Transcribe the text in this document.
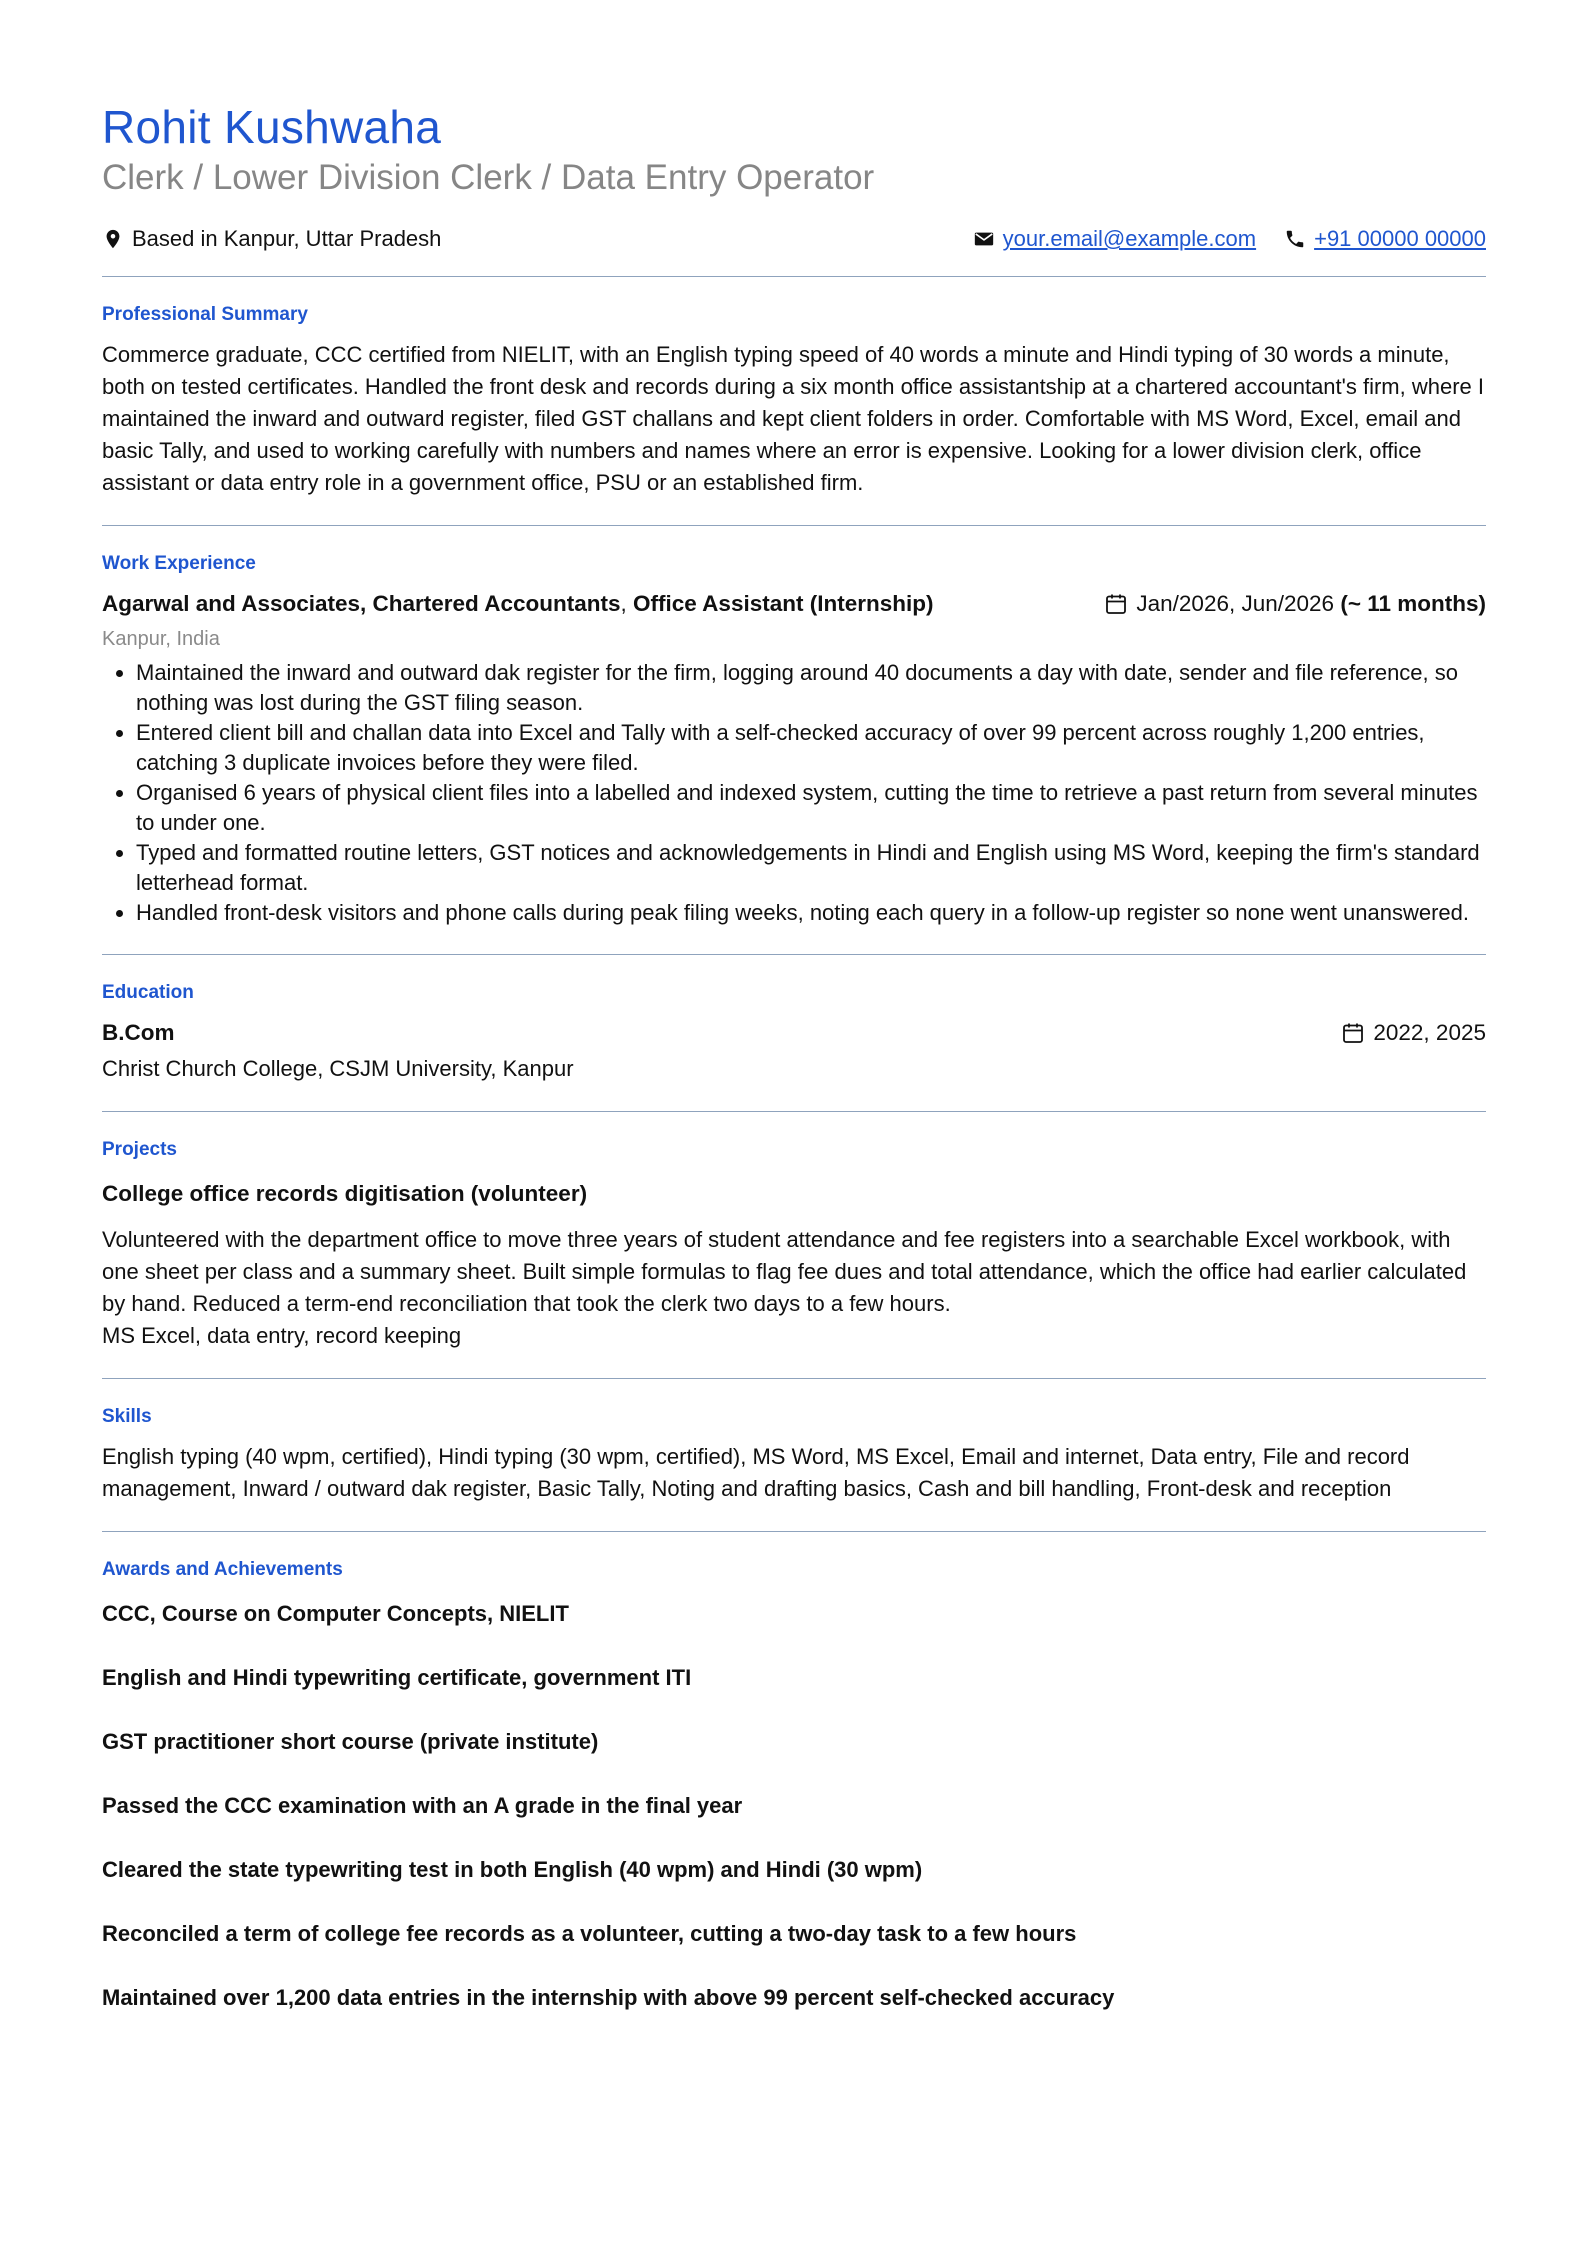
Rohit Kushwaha
Clerk / Lower Division Clerk / Data Entry Operator
Based in Kanpur, Uttar Pradesh	your.email@example.com	+91 00000 00000
Professional Summary
Commerce graduate, CCC certified from NIELIT, with an English typing speed of 40 words a minute and Hindi typing of 30 words a minute, both on tested certificates. Handled the front desk and records during a six month office assistantship at a chartered accountant's firm, where I maintained the inward and outward register, filed GST challans and kept client folders in order. Comfortable with MS Word, Excel, email and basic Tally, and used to working carefully with numbers and names where an error is expensive. Looking for a lower division clerk, office assistant or data entry role in a government office, PSU or an established firm.
Work Experience
Agarwal and Associates, Chartered Accountants, Office Assistant (Internship)	Jan/2026, Jun/2026
(~ 11 months)
Kanpur, India
• Maintained the inward and outward dak register for the firm, logging around 40 documents a day with date, sender and file reference, so nothing was lost during the GST filing season.
• Entered client bill and challan data into Excel and Tally with a self-checked accuracy of over 99 percent across roughly 1,200 entries, catching 3 duplicate invoices before they were filed.
• Organised 6 years of physical client files into a labelled and indexed system, cutting the time to retrieve a past return from several minutes to under one.
• Typed and formatted routine letters, GST notices and acknowledgements in Hindi and English using MS Word, keeping the firm's standard letterhead format.
• Handled front-desk visitors and phone calls during peak filing weeks, noting each query in a follow-up register so none went unanswered.
Education
B.Com	2022, 2025
Christ Church College, CSJM University, Kanpur
Projects
College office records digitisation (volunteer)
Volunteered with the department office to move three years of student attendance and fee registers into a searchable Excel workbook, with one sheet per class and a summary sheet. Built simple formulas to flag fee dues and total attendance, which the office had earlier calculated by hand. Reduced a term-end reconciliation that took the clerk two days to a few hours.
MS Excel, data entry, record keeping
Skills
English typing (40 wpm, certified), Hindi typing (30 wpm, certified), MS Word, MS Excel, Email and internet, Data entry, File and record management, Inward / outward dak register, Basic Tally, Noting and drafting basics, Cash and bill handling, Front-desk and reception
Awards and Achievements
CCC, Course on Computer Concepts, NIELIT
English and Hindi typewriting certificate, government ITI
GST practitioner short course (private institute)
Passed the CCC examination with an A grade in the final year
Cleared the state typewriting test in both English (40 wpm) and Hindi (30 wpm)
Reconciled a term of college fee records as a volunteer, cutting a two-day task to a few hours
Maintained over 1,200 data entries in the internship with above 99 percent self-checked accuracy
